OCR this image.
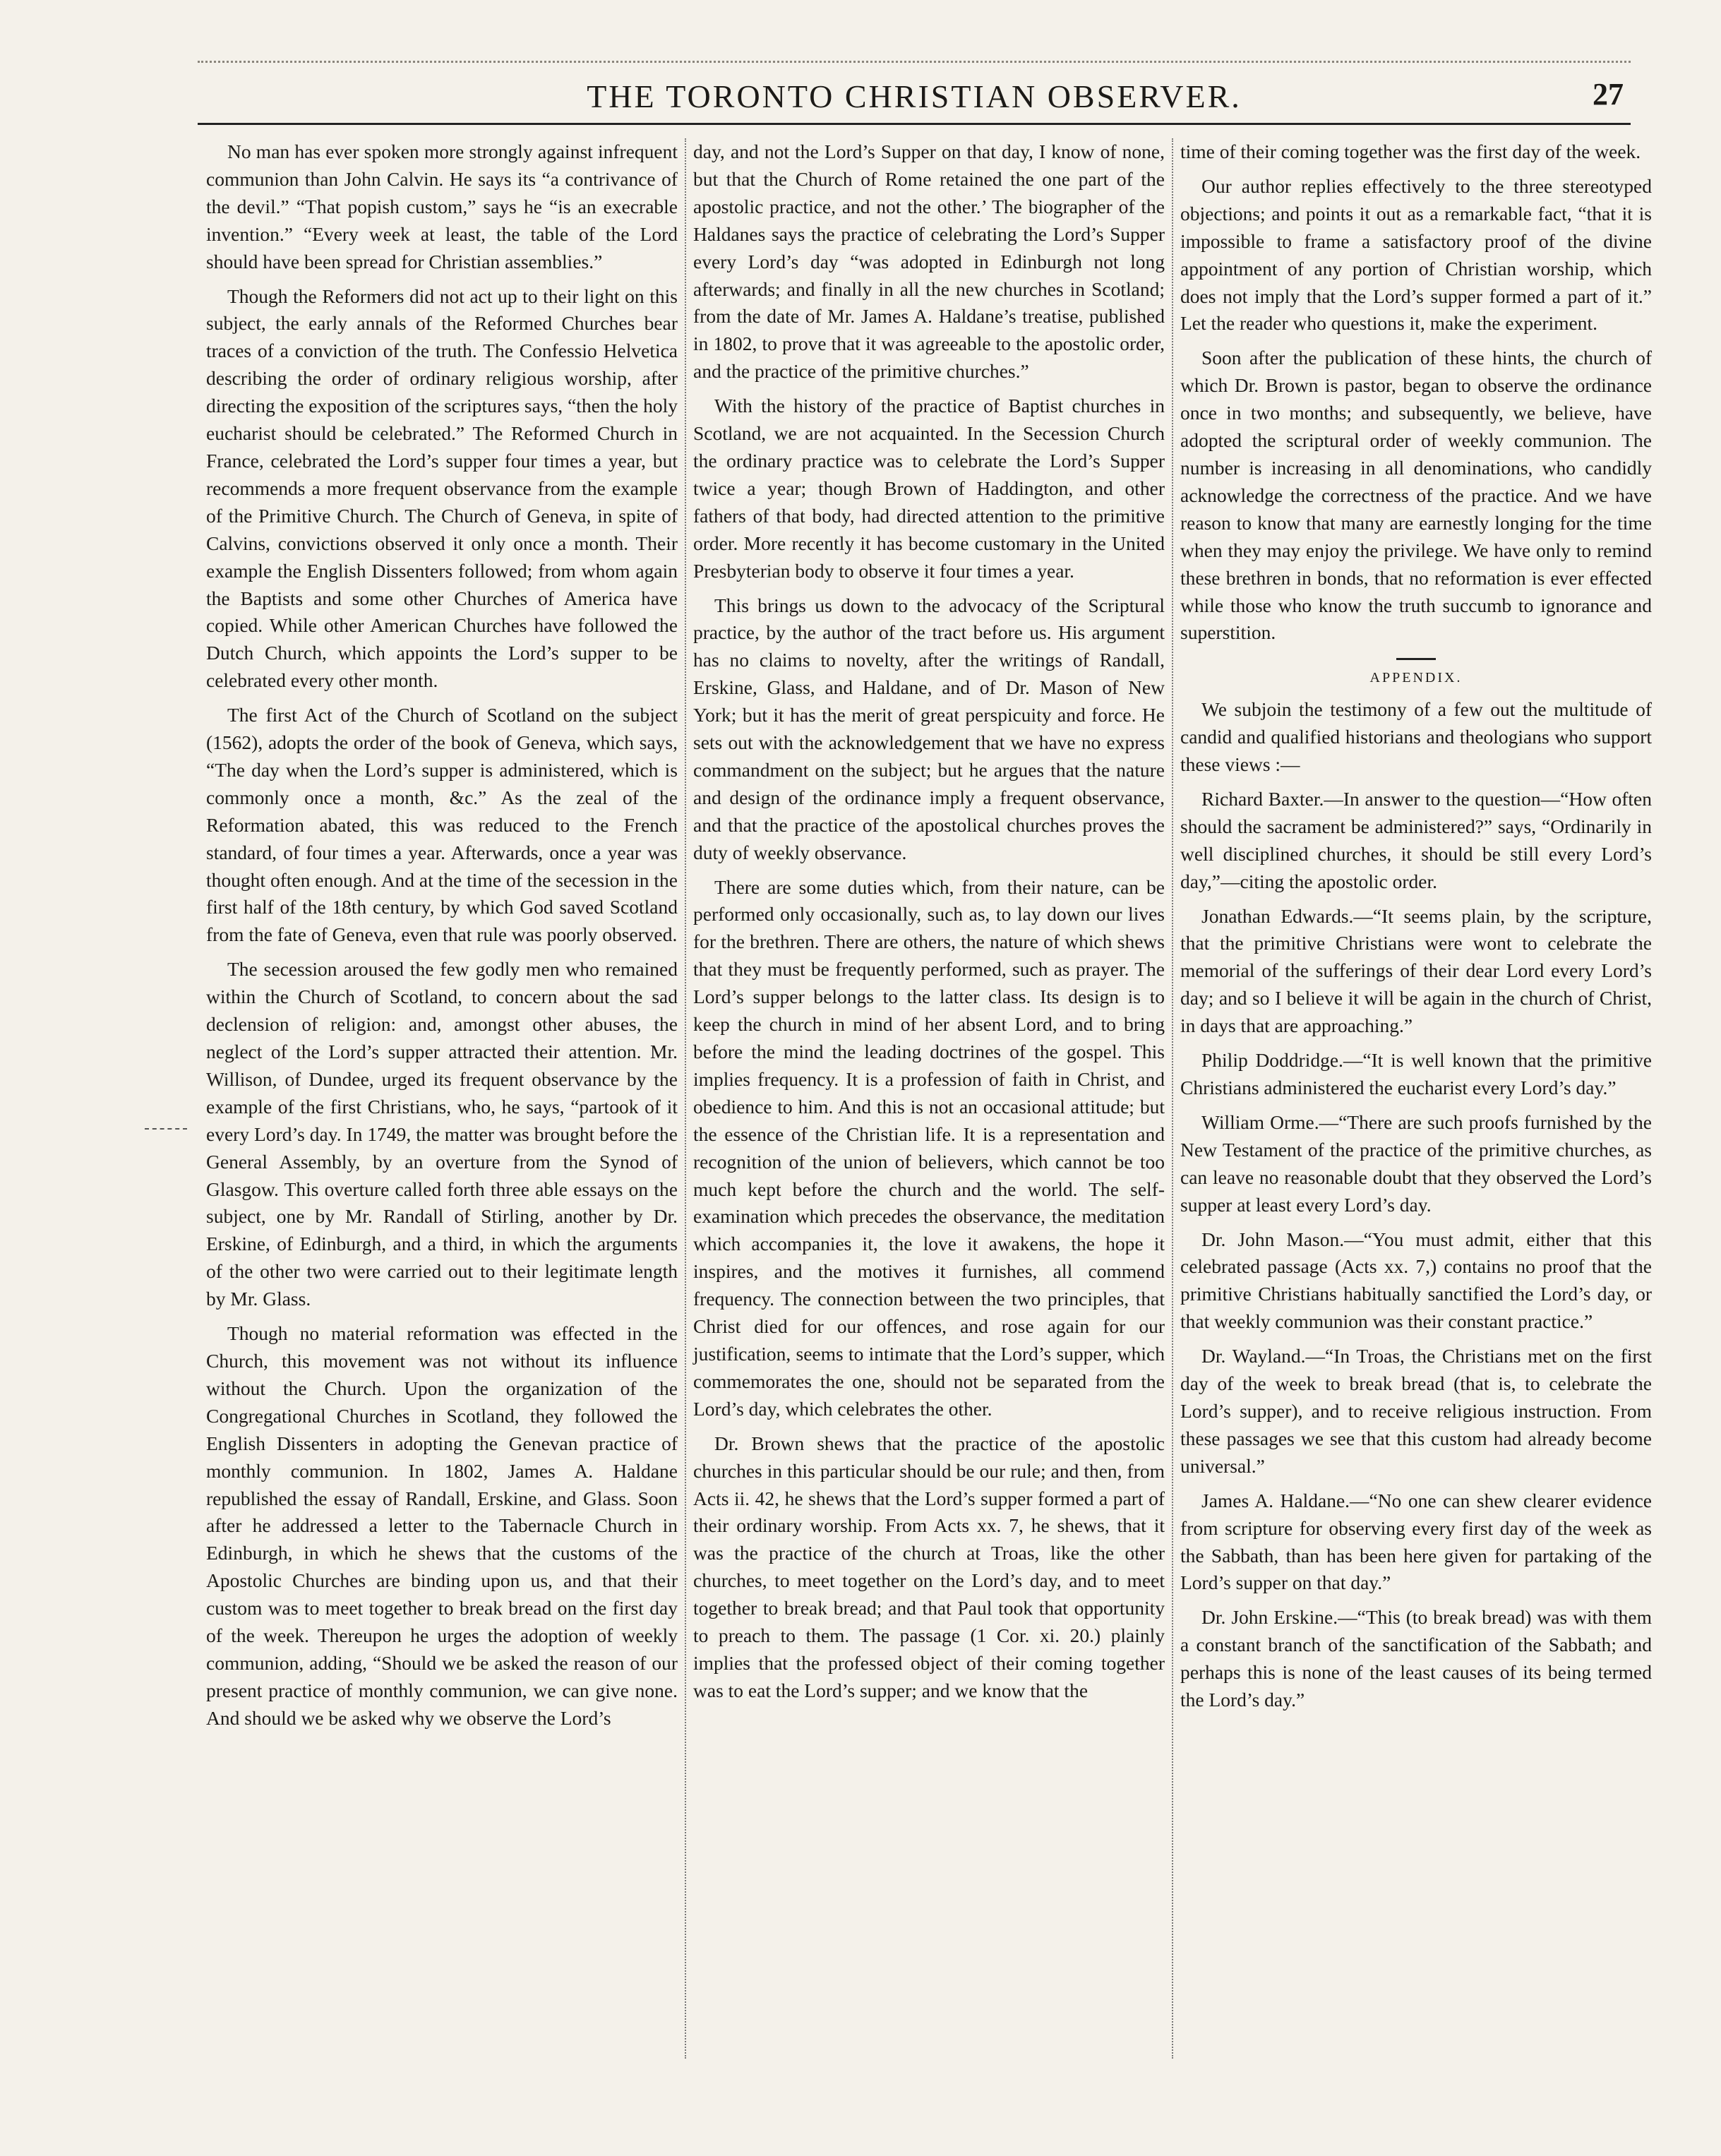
THE TORONTO CHRISTIAN OBSERVER.	27

No man has ever spoken more strongly against infrequent communion than John Calvin. He says its “a contrivance of the devil.” “That popish custom,” says he “is an execrable invention.” “Every week at least, the table of the Lord should have been spread for Christian assemblies.”

Though the Reformers did not act up to their light on this subject, the early annals of the Reformed Churches bear traces of a conviction of the truth. The Confessio Helvetica describing the order of ordinary religious worship, after directing the exposition of the scriptures says, “then the holy eucharist should be celebrated.” The Reformed Church in France, celebrated the Lord’s supper four times a year, but recommends a more frequent observance from the example of the Primitive Church. The Church of Geneva, in spite of Calvins, convictions observed it only once a month. Their example the English Dissenters followed; from whom again the Baptists and some other Churches of America have copied. While other American Churches have followed the Dutch Church, which appoints the Lord’s supper to be celebrated every other month.

The first Act of the Church of Scotland on the subject (1562), adopts the order of the book of Geneva, which says, “The day when the Lord’s supper is administered, which is commonly once a month, &c.” As the zeal of the Reformation abated, this was reduced to the French standard, of four times a year. Afterwards, once a year was thought often enough. And at the time of the secession in the first half of the 18th century, by which God saved Scotland from the fate of Geneva, even that rule was poorly observed.

The secession aroused the few godly men who remained within the Church of Scotland, to concern about the sad declension of religion: and, amongst other abuses, the neglect of the Lord’s supper attracted their attention. Mr. Willison, of Dundee, urged its frequent observance by the example of the first Christians, who, he says, “partook of it every Lord’s day. In 1749, the matter was brought before the General Assembly, by an overture from the Synod of Glasgow. This overture called forth three able essays on the subject, one by Mr. Randall of Stirling, another by Dr. Erskine, of Edinburgh, and a third, in which the arguments of the other two were carried out to their legitimate length by Mr. Glass.

Though no material reformation was effected in the Church, this movement was not without its influence without the Church. Upon the organization of the Congregational Churches in Scotland, they followed the English Dissenters in adopting the Genevan practice of monthly communion. In 1802, James A. Haldane republished the essay of Randall, Erskine, and Glass. Soon after he addressed a letter to the Tabernacle Church in Edinburgh, in which he shews that the customs of the Apostolic Churches are binding upon us, and that their custom was to meet together to break bread on the first day of the week. Thereupon he urges the adoption of weekly communion, adding, “Should we be asked the reason of our present practice of monthly communion, we can give none. And should we be asked why we observe the Lord’s

day, and not the Lord’s Supper on that day, I know of none, but that the Church of Rome retained the one part of the apostolic practice, and not the other.’ The biographer of the Haldanes says the practice of celebrating the Lord’s Supper every Lord’s day “was adopted in Edinburgh not long afterwards; and finally in all the new churches in Scotland; from the date of Mr. James A. Haldane’s treatise, published in 1802, to prove that it was agreeable to the apostolic order, and the practice of the primitive churches.”

With the history of the practice of Baptist churches in Scotland, we are not acquainted. In the Secession Church the ordinary practice was to celebrate the Lord’s Supper twice a year; though Brown of Haddington, and other fathers of that body, had directed attention to the primitive order. More recently it has become customary in the United Presbyterian body to observe it four times a year.

This brings us down to the advocacy of the Scriptural practice, by the author of the tract before us. His argument has no claims to novelty, after the writings of Randall, Erskine, Glass, and Haldane, and of Dr. Mason of New York; but it has the merit of great perspicuity and force. He sets out with the acknowledgement that we have no express commandment on the subject; but he argues that the nature and design of the ordinance imply a frequent observance, and that the practice of the apostolical churches proves the duty of weekly observance.

There are some duties which, from their nature, can be performed only occasionally, such as, to lay down our lives for the brethren. There are others, the nature of which shews that they must be frequently performed, such as prayer. The Lord’s supper belongs to the latter class. Its design is to keep the church in mind of her absent Lord, and to bring before the mind the leading doctrines of the gospel. This implies frequency. It is a profession of faith in Christ, and obedience to him. And this is not an occasional attitude; but the essence of the Christian life. It is a representation and recognition of the union of believers, which cannot be too much kept before the church and the world. The self-examination which precedes the observance, the meditation which accompanies it, the love it awakens, the hope it inspires, and the motives it furnishes, all commend frequency. The connection between the two principles, that Christ died for our offences, and rose again for our justification, seems to intimate that the Lord’s supper, which commemorates the one, should not be separated from the Lord’s day, which celebrates the other.

Dr. Brown shews that the practice of the apostolic churches in this particular should be our rule; and then, from Acts ii. 42, he shews that the Lord’s supper formed a part of their ordinary worship. From Acts xx. 7, he shews, that it was the practice of the church at Troas, like the other churches, to meet together on the Lord’s day, and to meet together to break bread; and that Paul took that opportunity to preach to them. The passage (1 Cor. xi. 20.) plainly implies that the professed object of their coming together was to eat the Lord’s supper; and we know that the

time of their coming together was the first day of the week.

Our author replies effectively to the three stereotyped objections; and points it out as a remarkable fact, “that it is impossible to frame a satisfactory proof of the divine appointment of any portion of Christian worship, which does not imply that the Lord’s supper formed a part of it.” Let the reader who questions it, make the experiment.

Soon after the publication of these hints, the church of which Dr. Brown is pastor, began to observe the ordinance once in two months; and subsequently, we believe, have adopted the scriptural order of weekly communion. The number is increasing in all denominations, who candidly acknowledge the correctness of the practice. And we have reason to know that many are earnestly longing for the time when they may enjoy the privilege. We have only to remind these brethren in bonds, that no reformation is ever effected while those who know the truth succumb to ignorance and superstition.

APPENDIX.

We subjoin the testimony of a few out the multitude of candid and qualified historians and theologians who support these views :—

Richard Baxter.—In answer to the question—“How often should the sacrament be administered?” says, “Ordinarily in well disciplined churches, it should be still every Lord’s day,”—citing the apostolic order.

Jonathan Edwards.—“It seems plain, by the scripture, that the primitive Christians were wont to celebrate the memorial of the sufferings of their dear Lord every Lord’s day; and so I believe it will be again in the church of Christ, in days that are approaching.”

Philip Doddridge.—“It is well known that the primitive Christians administered the eucharist every Lord’s day.”

William Orme.—“There are such proofs furnished by the New Testament of the practice of the primitive churches, as can leave no reasonable doubt that they observed the Lord’s supper at least every Lord’s day.

Dr. John Mason.—“You must admit, either that this celebrated passage (Acts xx. 7,) contains no proof that the primitive Christians habitually sanctified the Lord’s day, or that weekly communion was their constant practice.”

Dr. Wayland.—“In Troas, the Christians met on the first day of the week to break bread (that is, to celebrate the Lord’s supper), and to receive religious instruction. From these passages we see that this custom had already become universal.”

James A. Haldane.—“No one can shew clearer evidence from scripture for observing every first day of the week as the Sabbath, than has been here given for partaking of the Lord’s supper on that day.”

Dr. John Erskine.—“This (to break bread) was with them a constant branch of the sanctification of the Sabbath; and perhaps this is none of the least causes of its being termed the Lord’s day.”
